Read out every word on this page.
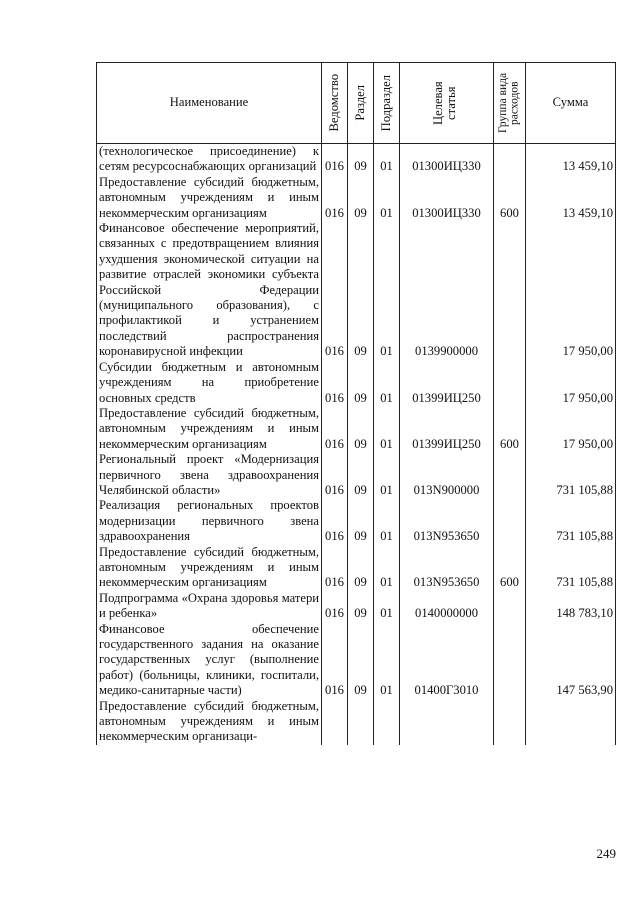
Наименование	Ведомство	Раздел	Подраздел	Целевая статья	Группа вида расходов	Сумма
(технологическое присоединение) к сетям ресурсоснабжающих организаций	016	09	01	01300ИЦ330		13 459,10
Предоставление субсидий бюджетным, автономным учреждениям и иным некоммерческим организациям	016	09	01	01300ИЦ330	600	13 459,10
Финансовое обеспечение мероприятий, связанных с предотвращением влияния ухудшения экономической ситуации на развитие отраслей экономики субъекта Российской Федерации (муниципального образования), с профилактикой и устранением последствий распространения коронавирусной инфекции	016	09	01	0139900000		17 950,00
Субсидии бюджетным и автономным учреждениям на приобретение основных средств	016	09	01	01399ИЦ250		17 950,00
Предоставление субсидий бюджетным, автономным учреждениям и иным некоммерческим организациям	016	09	01	01399ИЦ250	600	17 950,00
Региональный проект «Модернизация первичного звена здравоохранения Челябинской области»	016	09	01	013N900000		731 105,88
Реализация региональных проектов модернизации первичного звена здравоохранения	016	09	01	013N953650		731 105,88
Предоставление субсидий бюджетным, автономным учреждениям и иным некоммерческим организациям	016	09	01	013N953650	600	731 105,88
Подпрограмма «Охрана здоровья матери и ребенка»	016	09	01	0140000000		148 783,10
Финансовое обеспечение государственного задания на оказание государственных услуг (выполнение работ) (больницы, клиники, госпитали, медико-санитарные части)	016	09	01	01400Г3010		147 563,90
Предоставление субсидий бюджетным, автономным учреждениям и иным некоммерческим организаци-						
249
